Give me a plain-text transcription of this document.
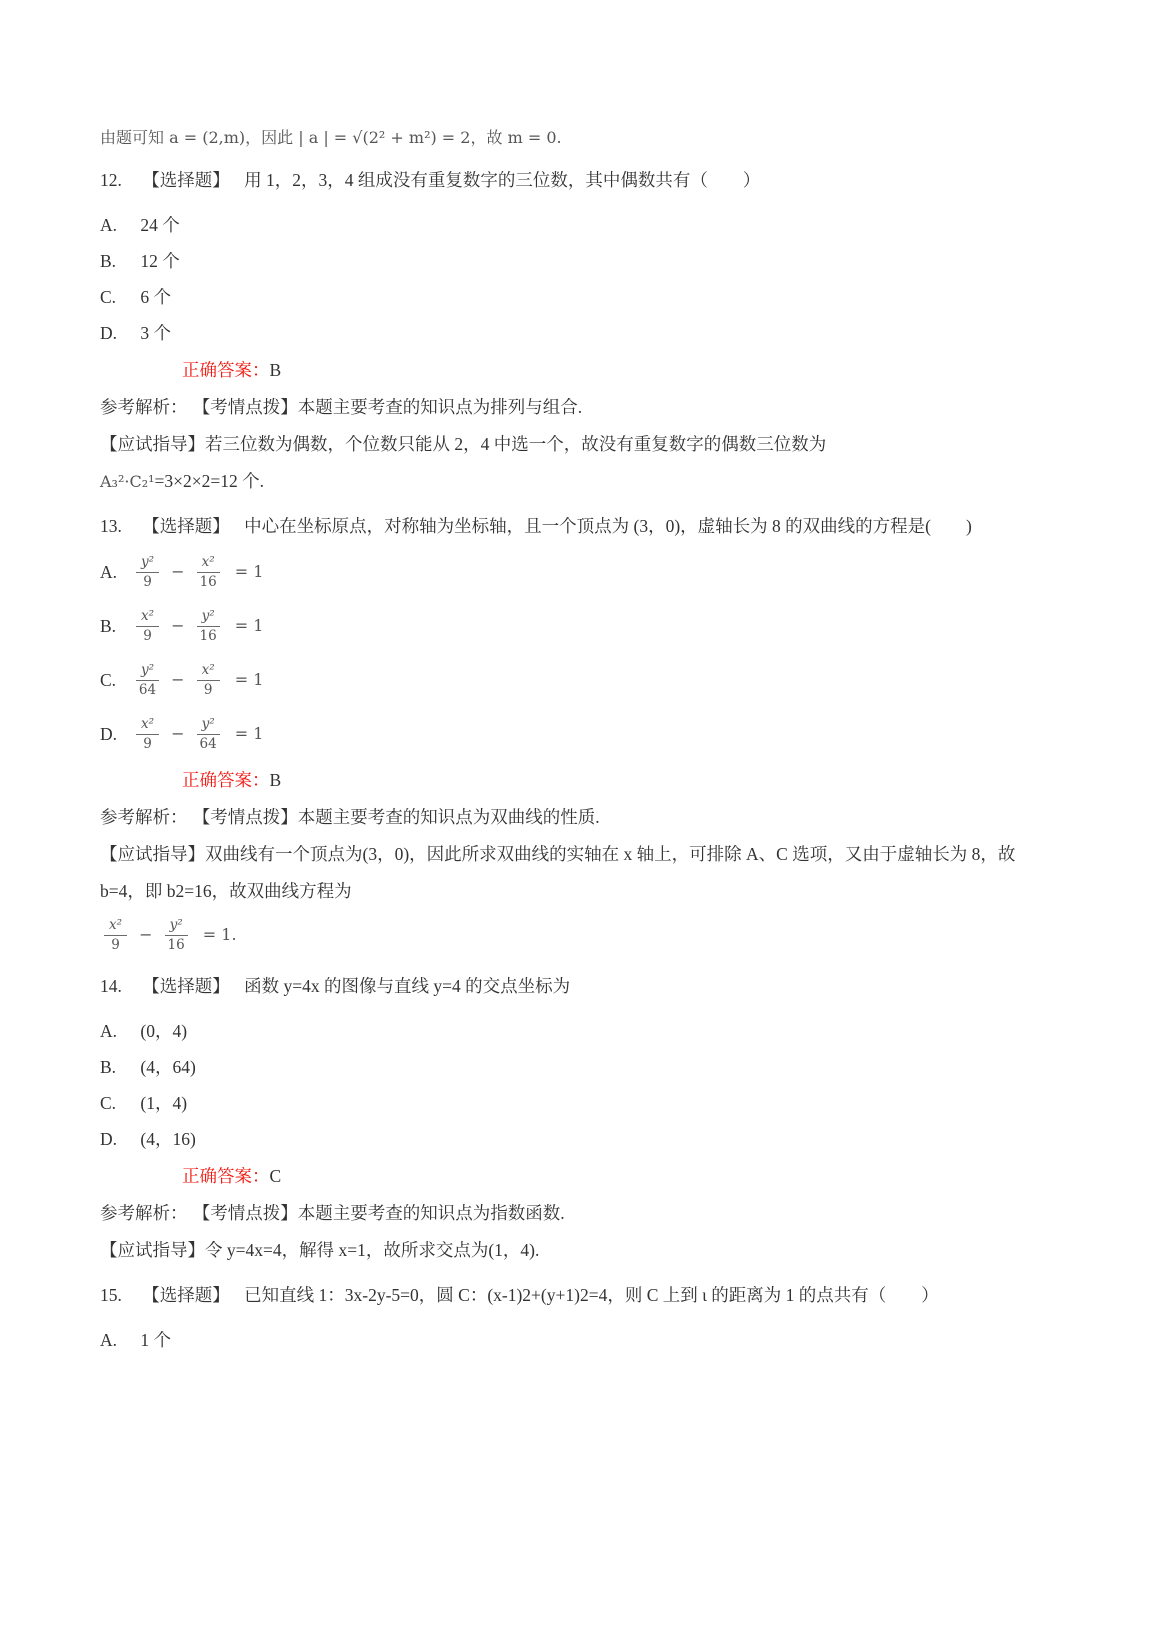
由题可知 a = (2,m)，因此 | a | = √(2² + m²) = 2，故 m = 0.
12. 【选择题】 用 1，2，3，4 组成没有重复数字的三位数，其中偶数共有（　　）
A. 24 个
B. 12 个
C. 6 个
D. 3 个
正确答案：B
参考解析： 【考情点拨】本题主要考查的知识点为排列与组合.
【应试指导】若三位数为偶数，个位数只能从 2，4 中选一个，故没有重复数字的偶数三位数为
A₃²·C₂¹=3×2×2=12 个.
13. 【选择题】 中心在坐标原点，对称轴为坐标轴，且一个顶点为 (3，0)，虚轴长为 8 的双曲线的方程是(　　)
A.	$\frac{\text{y²}}{9} - \frac{\text{x²}}{16} = 1$
B.	$\frac{\text{x²}}{9} - \frac{\text{y²}}{16} = 1$
C.	$\frac{\text{y²}}{64} - \frac{\text{x²}}{9} = 1$
D.	$\frac{\text{x²}}{9} - \frac{\text{y²}}{64} = 1$
正确答案：B
参考解析： 【考情点拨】本题主要考查的知识点为双曲线的性质.
【应试指导】双曲线有一个顶点为(3，0)，因此所求双曲线的实轴在 x 轴上，可排除 A、C 选项，又由于虚轴长为 8，故 b=4，即 b2=16，故双曲线方程为
$\frac{\text{x²}}{9} - \frac{\text{y²}}{16} = 1$.
14. 【选择题】 函数 y=4x 的图像与直线 y=4 的交点坐标为
A. (0，4)
B. (4，64)
C. (1，4)
D. (4，16)
正确答案：C
参考解析： 【考情点拨】本题主要考查的知识点为指数函数.
【应试指导】令 y=4x=4，解得 x=1，故所求交点为(1，4).
15. 【选择题】 已知直线 1：3x-2y-5=0，圆 C：(x-1)2+(y+1)2=4，则 C 上到 ι 的距离为 1 的点共有（　　）
A. 1 个
